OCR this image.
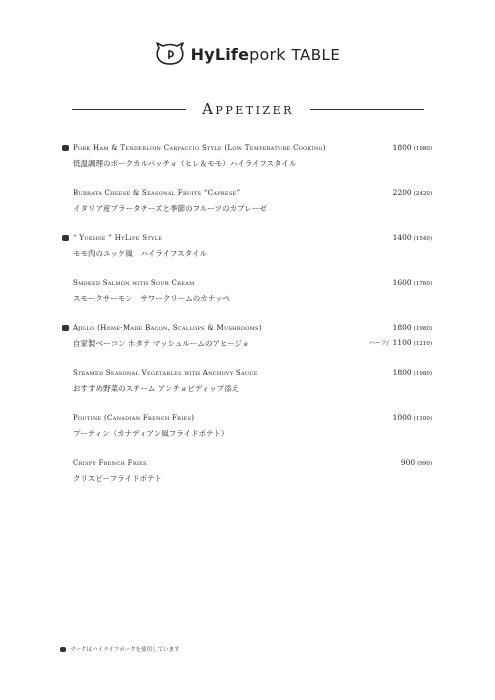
HyLifepork TABLE
Appetizer
Pork Ham & Tenderloin Carpaccio Style (Low Temperature Cooking)	1800 (1980)
低温調理のポークカルパッチョ（ヒレ＆モモ）ハイライフスタイル
Burrata Cheese & Seasonal Fruits “Caprese”	2200 (2420)
イタリア産ブラータチーズと季節のフルーツのカプレーゼ
“ Yukhoe ” HyLife Style	1400 (1540)
モモ肉のユッケ風　ハイライフスタイル
Smoked Salmon with Sour Cream	1600 (1760)
スモークサーモン　サワークリームのカナッペ
Ajillo (Home-Made Bacon, Scallops & Mushrooms)	1800 (1980)
自家製ベーコン ホタテ マッシュルームのアヒージョ	ハーフ/ 1100 (1210)
Steamed Seasonal Vegetables with Anchovy Sauce	1800 (1980)
おすすめ野菜のスチーム アンチョビディップ添え
Poutine (Canadian French Fries)	1000 (1100)
プーティン（カナディアン風フライドポテト）
Crispy French Fries	900 (990)
クリスピーフライドポテト
マークはハイライフポークを使用しています
